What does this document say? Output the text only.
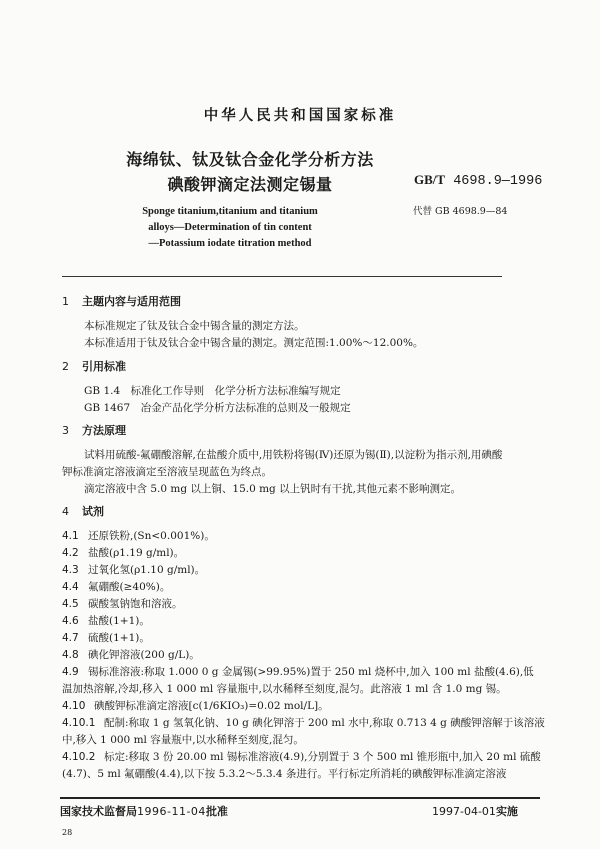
中华人民共和国国家标准
海绵钛、钛及钛合金化学分析方法
碘酸钾滴定法测定锡量	GB/T 4698.9—1996
代替 GB 4698.9—84
Sponge titanium,titanium and titanium
alloys—Determination of tin content
—Potassium iodate titration method
1 主题内容与适用范围
本标准规定了钛及钛合金中锡含量的测定方法。
本标准适用于钛及钛合金中锡含量的测定。测定范围:1.00%～12.00%。
2 引用标准
GB 1.4　标准化工作导则　化学分析方法标准编写规定
GB 1467　冶金产品化学分析方法标准的总则及一般规定
3 方法原理
试料用硫酸-氟硼酸溶解,在盐酸介质中,用铁粉将锡(Ⅳ)还原为锡(Ⅱ),以淀粉为指示剂,用碘酸
钾标准滴定溶液滴定至溶液呈现蓝色为终点。
滴定溶液中含 5.0 mg 以上铜、15.0 mg 以上钒时有干扰,其他元素不影响测定。
4 试剂
4.1 还原铁粉,(Sn<0.001%)。
4.2 盐酸(ρ1.19 g/ml)。
4.3 过氧化氢(ρ1.10 g/ml)。
4.4 氟硼酸(≥40%)。
4.5 碳酸氢钠饱和溶液。
4.6 盐酸(1+1)。
4.7 硫酸(1+1)。
4.8 碘化钾溶液(200 g/L)。
4.9 锡标准溶液:称取 1.000 0 g 金属锡(>99.95%)置于 250 ml 烧杯中,加入 100 ml 盐酸(4.6),低
温加热溶解,冷却,移入 1 000 ml 容量瓶中,以水稀释至刻度,混匀。此溶液 1 ml 含 1.0 mg 锡。
4.10 碘酸钾标准滴定溶液[c(1/6KIO₃)=0.02 mol/L]。
4.10.1 配制:称取 1 g 氢氧化钠、10 g 碘化钾溶于 200 ml 水中,称取 0.713 4 g 碘酸钾溶解于该溶液
中,移入 1 000 ml 容量瓶中,以水稀释至刻度,混匀。
4.10.2 标定:移取 3 份 20.00 ml 锡标准溶液(4.9),分别置于 3 个 500 ml 锥形瓶中,加入 20 ml 硫酸
(4.7)、5 ml 氟硼酸(4.4),以下按 5.3.2～5.3.4 条进行。平行标定所消耗的碘酸钾标准滴定溶液
国家技术监督局1996-11-04批准	1997-04-01实施
28
